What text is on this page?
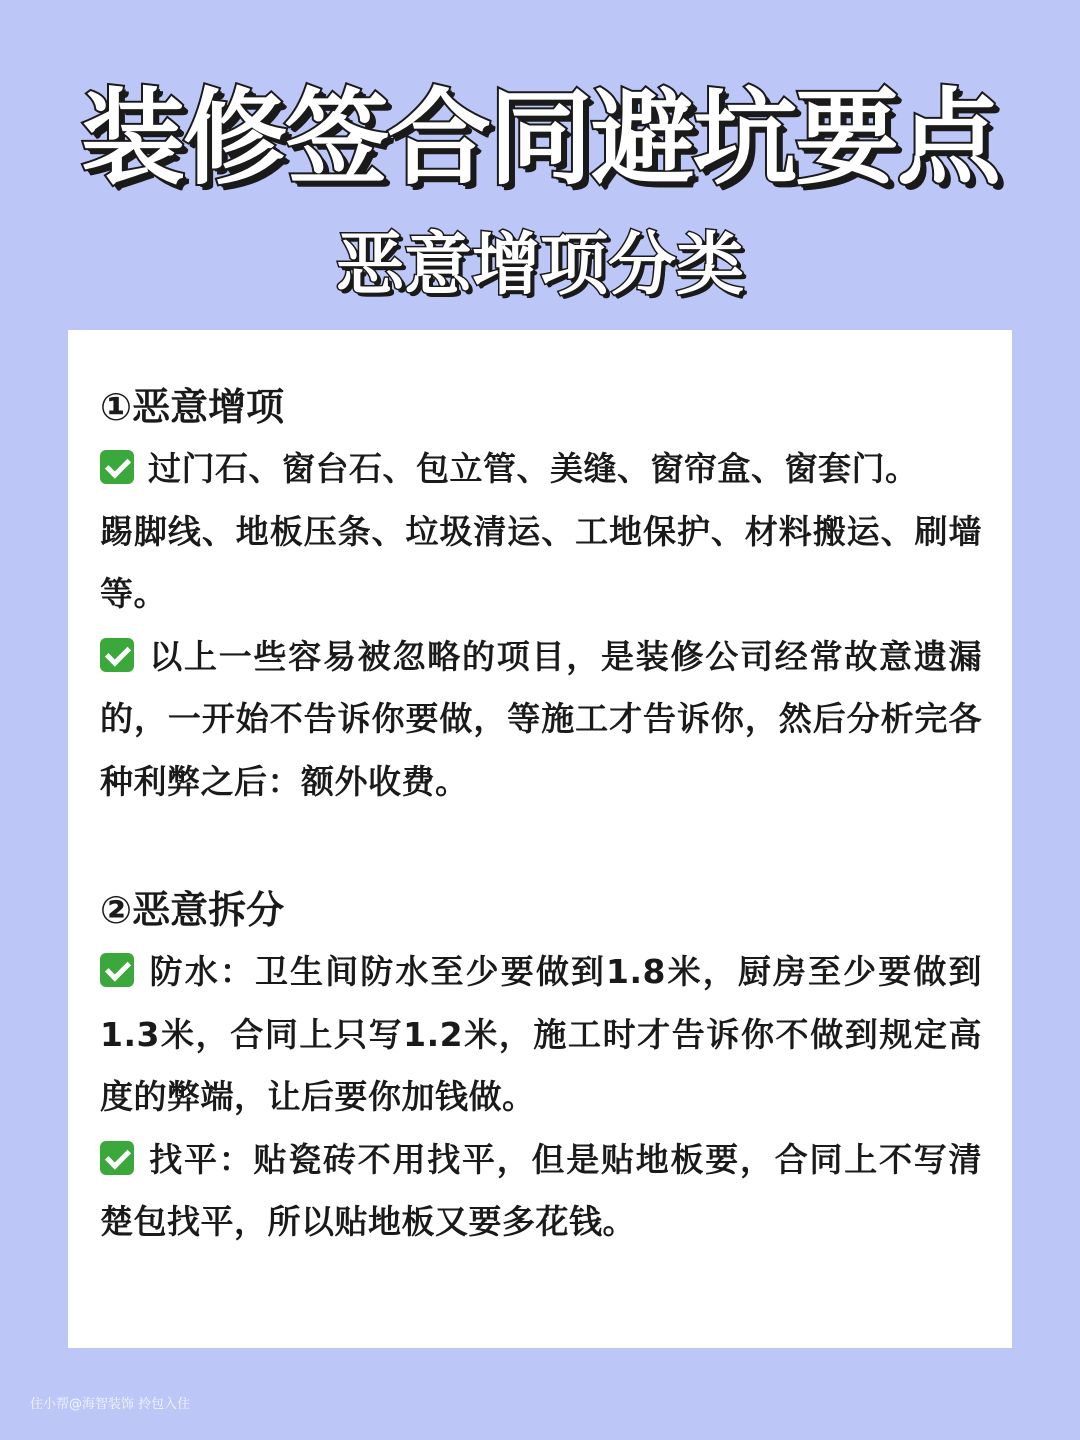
装修签合同避坑要点
恶意增项分类

①恶意增项

过门石、窗台石、包立管、美缝、窗帘盒、窗套门。

踢脚线、地板压条、垃圾清运、工地保护、材料搬运、刷墙等。

以上一些容易被忽略的项目，是装修公司经常故意遗漏的，一开始不告诉你要做，等施工才告诉你，然后分析完各种利弊之后：额外收费。

②恶意拆分

防水：卫生间防水至少要做到1.8米，厨房至少要做到1.3米，合同上只写1.2米，施工时才告诉你不做到规定高度的弊端，让后要你加钱做。

找平：贴瓷砖不用找平，但是贴地板要，合同上不写清楚包找平，所以贴地板又要多花钱。

住小帮@海智装饰 拎包入住
